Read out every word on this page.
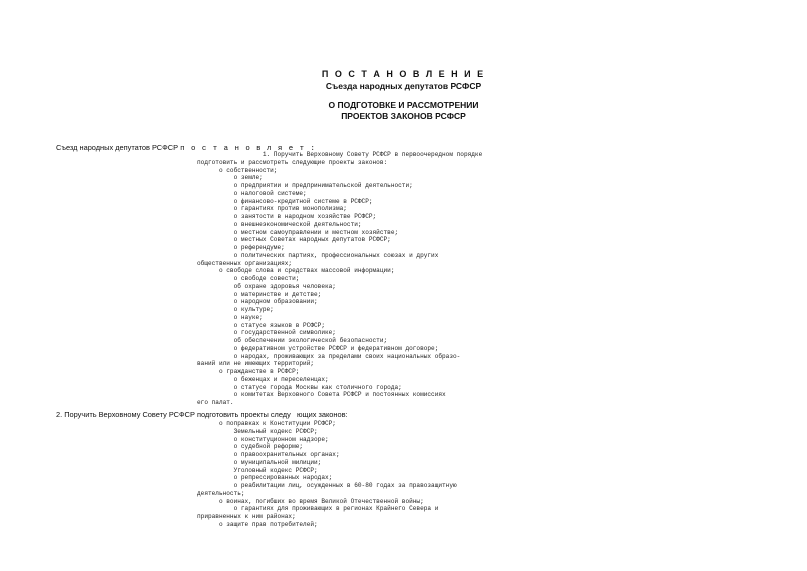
П О С Т А Н О В Л Е Н И Е
Съезда народных депутатов РСФСР
О ПОДГОТОВКЕ И РАССМОТРЕНИИ
ПРОЕКТОВ ЗАКОНОВ РСФСР
Съезд народных депутатов РСФСР п о с т а н о в л я е т :
1. Поручить Верховному Совету РСФСР в первоочередном порядке
подготовить и рассмотреть следующие проекты законов:
o собственности;
o земле;
o предприятии и предпринимательской деятельности;
o налоговой системе;
o финансово-кредитной системе в РСФСР;
o гарантиях против монополизма;
o занятости в народном хозяйстве РСФСР;
o внешнеэкономической деятельности;
o местном самоуправлении и местном хозяйстве;
o местных Советах народных депутатов РСФСР;
o референдуме;
o политических партиях, профессиональных союзах и других
общественных организациях;
o свободе слова и средствах массовой информации;
o свободе совести;
об охране здоровья человека;
o материнстве и детстве;
o народном образовании;
o культуре;
o науке;
o статусе языков в РСФСР;
o государственной символике;
об обеспечении экологической безопасности;
o федеративном устройстве РСФСР и федеративном договоре;
o народах, проживающих за пределами своих национальных образо-
ваний или не имеющих территорий;
o гражданстве в РСФСР;
o беженцах и переселенцах;
o статусе города Москвы как столичного города;
o комитетах Верховного Совета РСФСР и постоянных комиссиях
его палат.
2. Поручить Верховному Совету РСФСР подготовить проекты следу   ющих законов:
o поправках к Конституции РСФСР;
Земельный кодекс РСФСР;
o конституционном надзоре;
o судебной реформе;
o правоохранительных органах;
o муниципальной милиции;
Уголовный кодекс РСФСР;
o репрессированных народах;
o реабилитации лиц, осужденных в 60-80 годах за правозащитную
деятельность;
o воинах, погибших во время Великой Отечественной войны;
o гарантиях для проживающих в регионах Крайнего Севера и
приравненных к ним районах;
o защите прав потребителей;
